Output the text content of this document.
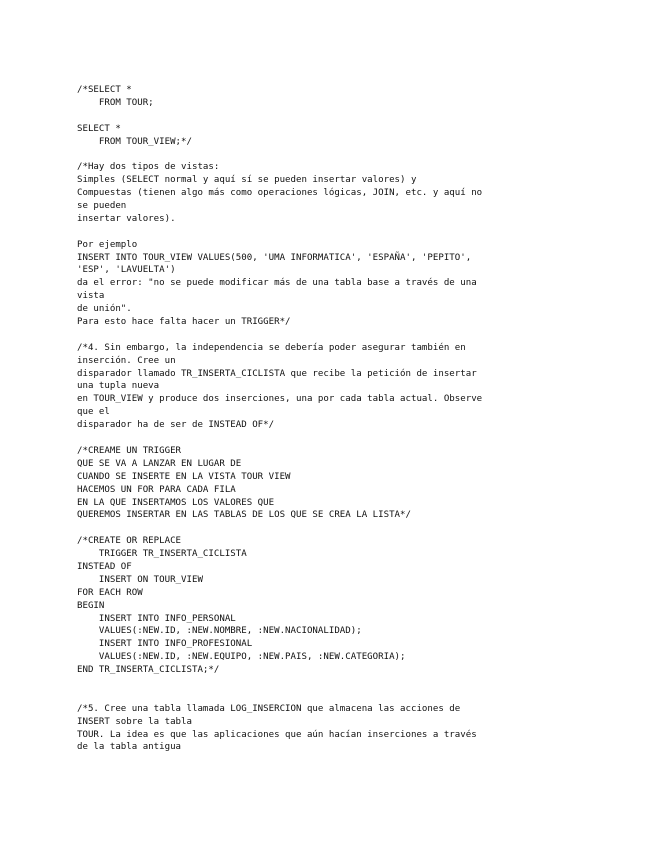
/*SELECT *
FROM TOUR;
SELECT *
FROM TOUR_VIEW;*/
/*Hay dos tipos de vistas:
Simples (SELECT normal y aquí sí se pueden insertar valores) y
Compuestas (tienen algo más como operaciones lógicas, JOIN, etc. y aquí no
se pueden
insertar valores).
Por ejemplo
INSERT INTO TOUR_VIEW VALUES(500, 'UMA INFORMATICA', 'ESPAÑA', 'PEPITO',
'ESP', 'LAVUELTA')
da el error: "no se puede modificar más de una tabla base a través de una
vista
de unión".
Para esto hace falta hacer un TRIGGER*/
/*4. Sin embargo, la independencia se debería poder asegurar también en
inserción. Cree un
disparador llamado TR_INSERTA_CICLISTA que recibe la petición de insertar
una tupla nueva
en TOUR_VIEW y produce dos inserciones, una por cada tabla actual. Observe
que el
disparador ha de ser de INSTEAD OF*/
/*CREAME UN TRIGGER
QUE SE VA A LANZAR EN LUGAR DE
CUANDO SE INSERTE EN LA VISTA TOUR VIEW
HACEMOS UN FOR PARA CADA FILA
EN LA QUE INSERTAMOS LOS VALORES QUE
QUEREMOS INSERTAR EN LAS TABLAS DE LOS QUE SE CREA LA LISTA*/
/*CREATE OR REPLACE
TRIGGER TR_INSERTA_CICLISTA
INSTEAD OF
INSERT ON TOUR_VIEW
FOR EACH ROW
BEGIN
INSERT INTO INFO_PERSONAL
VALUES(:NEW.ID, :NEW.NOMBRE, :NEW.NACIONALIDAD);
INSERT INTO INFO_PROFESIONAL
VALUES(:NEW.ID, :NEW.EQUIPO, :NEW.PAIS, :NEW.CATEGORIA);
END TR_INSERTA_CICLISTA;*/
/*5. Cree una tabla llamada LOG_INSERCION que almacena las acciones de
INSERT sobre la tabla
TOUR. La idea es que las aplicaciones que aún hacían inserciones a través
de la tabla antigua
